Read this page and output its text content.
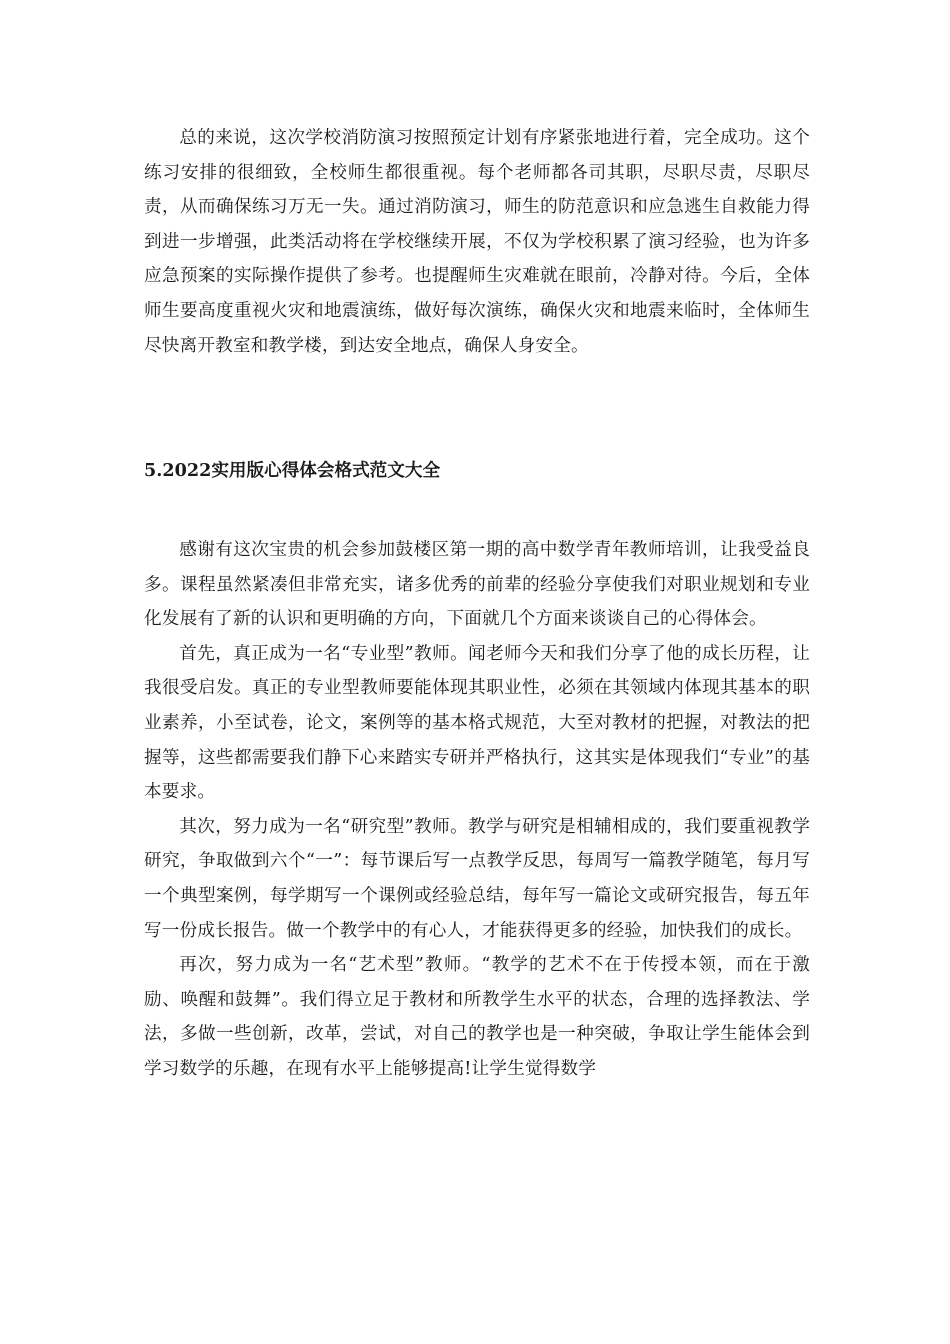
总的来说，这次学校消防演习按照预定计划有序紧张地进行着，完全成功。这个练习安排的很细致，全校师生都很重视。每个老师都各司其职，尽职尽责，尽职尽责，从而确保练习万无一失。通过消防演习，师生的防范意识和应急逃生自救能力得到进一步增强，此类活动将在学校继续开展，不仅为学校积累了演习经验，也为许多应急预案的实际操作提供了参考。也提醒师生灾难就在眼前，冷静对待。今后，全体师生要高度重视火灾和地震演练，做好每次演练，确保火灾和地震来临时，全体师生尽快离开教室和教学楼，到达安全地点，确保人身安全。

5.2022实用版心得体会格式范文大全

感谢有这次宝贵的机会参加鼓楼区第一期的高中数学青年教师培训，让我受益良多。课程虽然紧凑但非常充实，诸多优秀的前辈的经验分享使我们对职业规划和专业化发展有了新的认识和更明确的方向，下面就几个方面来谈谈自己的心得体会。

首先，真正成为一名“专业型”教师。闻老师今天和我们分享了他的成长历程，让我很受启发。真正的专业型教师要能体现其职业性，必须在其领域内体现其基本的职业素养，小至试卷，论文，案例等的基本格式规范，大至对教材的把握，对教法的把握等，这些都需要我们静下心来踏实专研并严格执行，这其实是体现我们“专业”的基本要求。

其次，努力成为一名“研究型”教师。教学与研究是相辅相成的，我们要重视教学研究，争取做到六个“一”：每节课后写一点教学反思，每周写一篇教学随笔，每月写一个典型案例，每学期写一个课例或经验总结，每年写一篇论文或研究报告，每五年写一份成长报告。做一个教学中的有心人，才能获得更多的经验，加快我们的成长。

再次，努力成为一名“艺术型”教师。“教学的艺术不在于传授本领，而在于激励、唤醒和鼓舞”。我们得立足于教材和所教学生水平的状态，合理的选择教法、学法，多做一些创新，改革，尝试，对自己的教学也是一种突破，争取让学生能体会到学习数学的乐趣，在现有水平上能够提高!让学生觉得数学
